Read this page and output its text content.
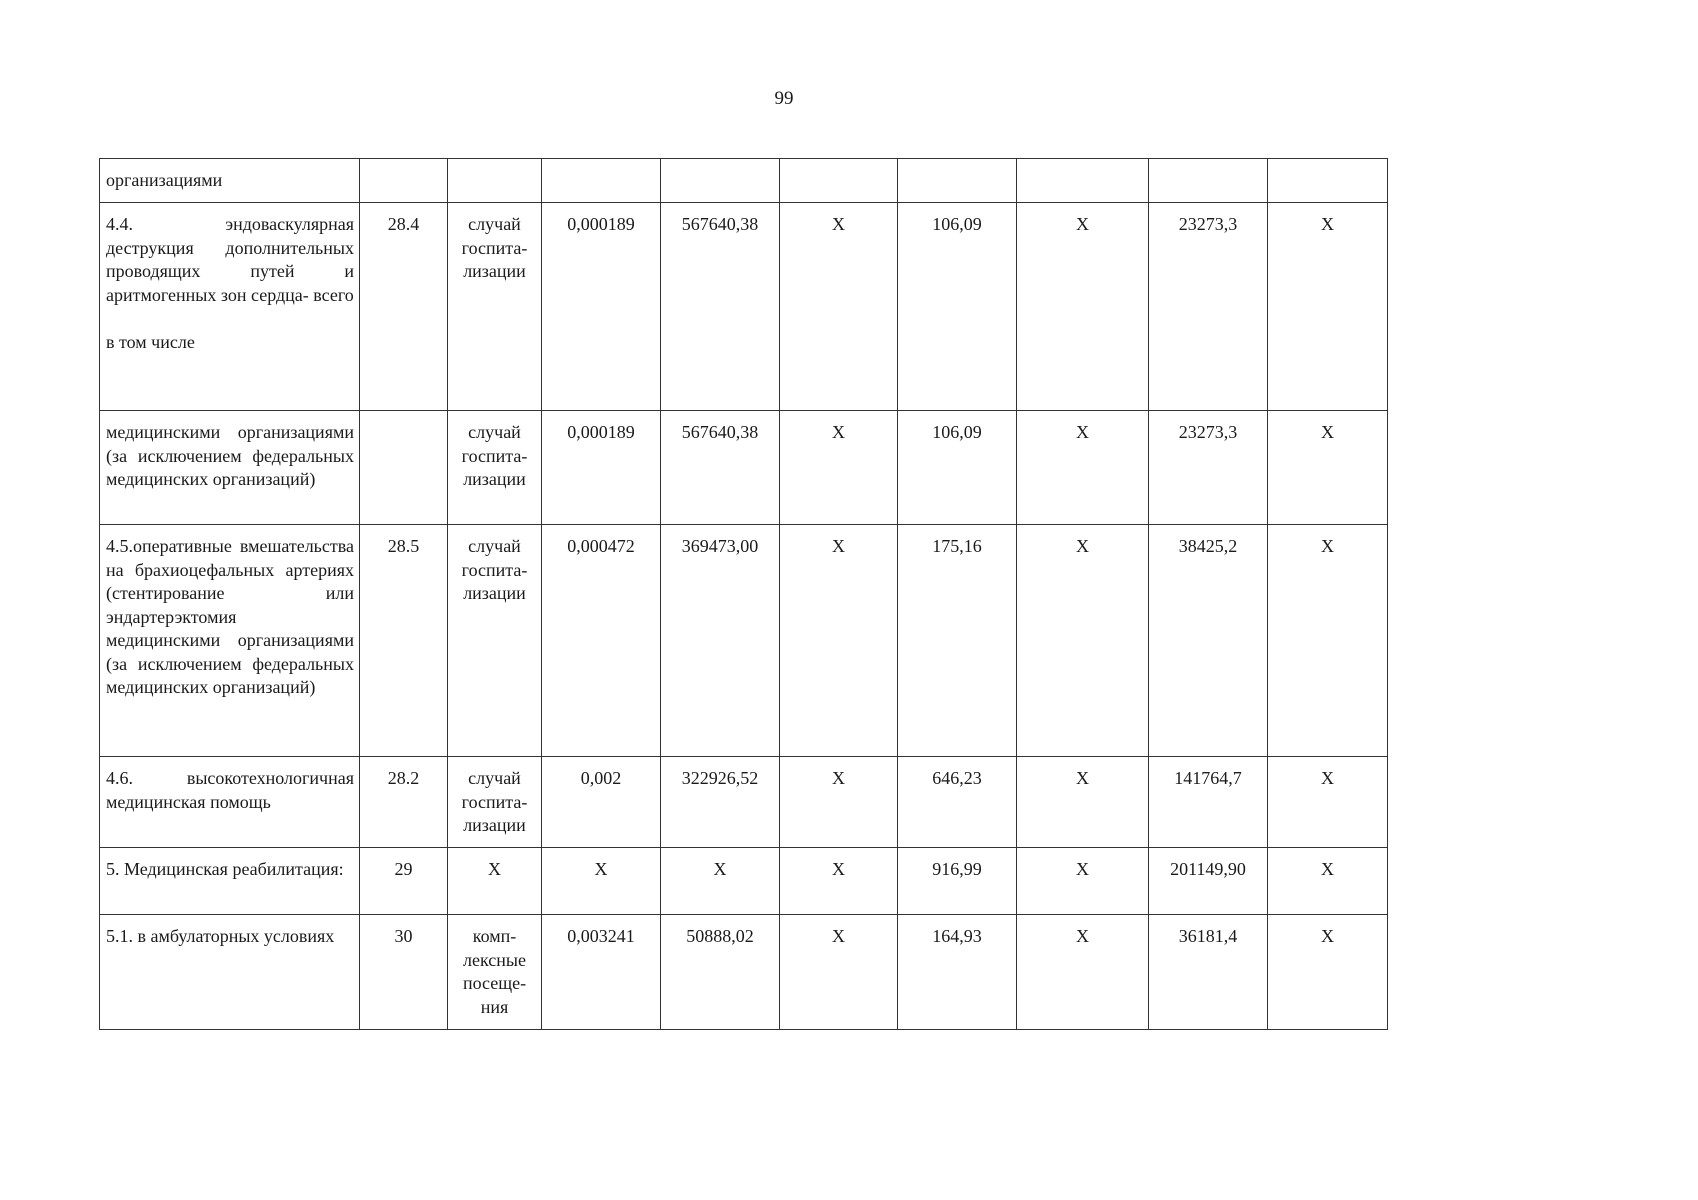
99
организациями									
4.4. эндоваскулярная деструкция дополнительных проводящих путей и аритмогенных зон сердца- всего
в том числе	28.4	случай госпита-лизации	0,000189	567640,38	Х	106,09	Х	23273,3	Х
медицинскими организациями (за исключением федеральных медицинских организаций)		случай госпита-лизации	0,000189	567640,38	Х	106,09	Х	23273,3	Х
4.5.оперативные вмешательства на брахиоцефальных артериях (стентирование или эндартерэктомия медицинскими организациями (за исключением федеральных медицинских организаций)	28.5	случай госпита-лизации	0,000472	369473,00	Х	175,16	Х	38425,2	Х
4.6. высокотехнологичная медицинская помощь	28.2	случай госпита-лизации	0,002	322926,52	Х	646,23	Х	141764,7	Х
5. Медицинская реабилитация:	29	Х	Х	Х	Х	916,99	Х	201149,90	Х
5.1. в амбулаторных условиях	30	комп-лексные посеще-ния	0,003241	50888,02	Х	164,93	Х	36181,4	Х
